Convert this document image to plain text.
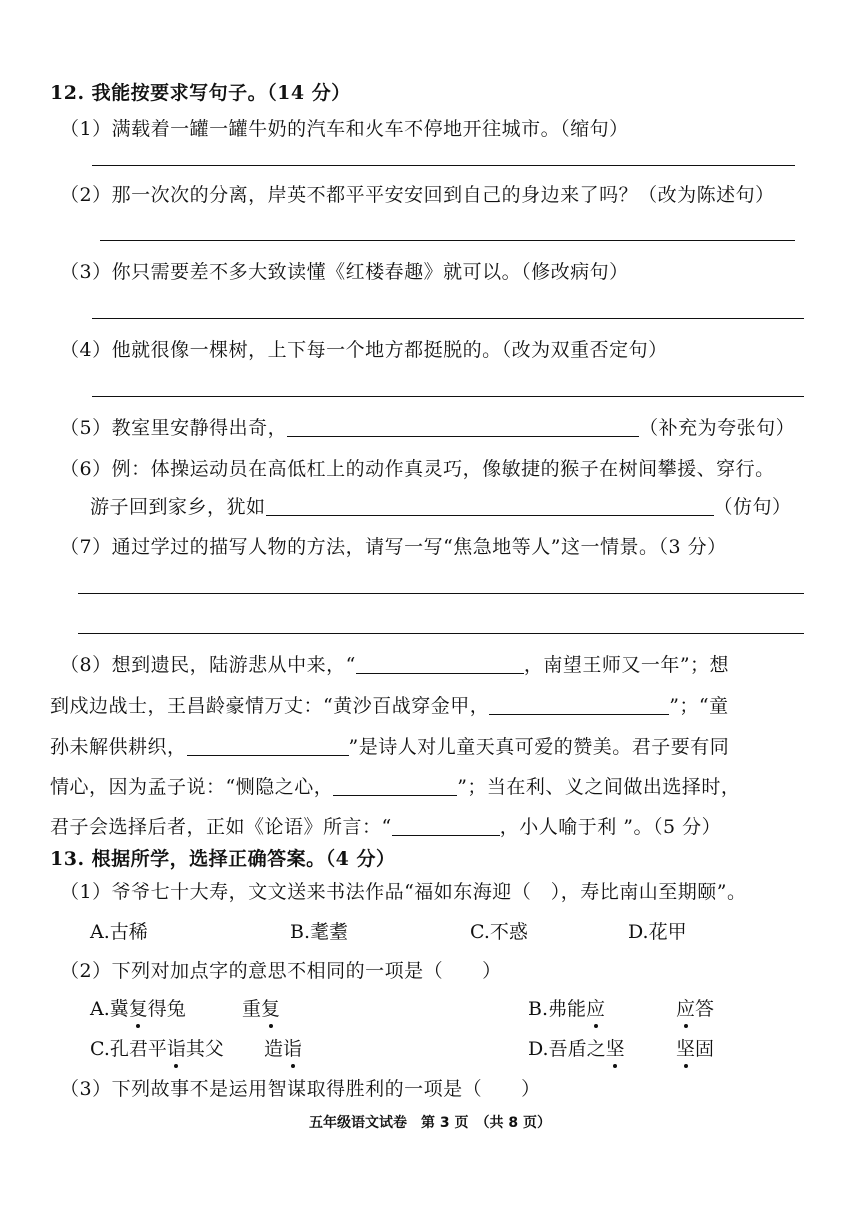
12. 我能按要求写句子。（14 分）
（1）满载着一罐一罐牛奶的汽车和火车不停地开往城市。（缩句）
（2）那一次次的分离，岸英不都平平安安回到自己的身边来了吗？（改为陈述句）
（3）你只需要差不多大致读懂《红楼春趣》就可以。（修改病句）
（4）他就很像一棵树，上下每一个地方都挺脱的。（改为双重否定句）
（5）教室里安静得出奇，	（补充为夸张句）
（6）例：体操运动员在高低杠上的动作真灵巧，像敏捷的猴子在树间攀援、穿行。
游子回到家乡，犹如	（仿句）
（7）通过学过的描写人物的方法，请写一写“焦急地等人”这一情景。（3 分）
（8）想到遗民，陆游悲从中来，“	，南望王师又一年”；想
到戍边战士，王昌龄豪情万丈：“黄沙百战穿金甲，	”；“童
孙未解供耕织，	”是诗人对儿童天真可爱的赞美。君子要有同
情心，因为孟子说：“恻隐之心，	”；当在利、义之间做出选择时，
君子会选择后者，正如《论语》所言：“	，小人喻于利 ”。（5 分）
13. 根据所学，选择正确答案。（4 分）
（1）爷爷七十大寿，文文送来书法作品“福如东海迎（　），寿比南山至期颐”。
A.古稀	B.耄耋	C.不惑	D.花甲
（2）下列对加点字的意思不相同的一项是（　　）
A.冀复得兔	重复	B.弗能应	应答
C.孔君平诣其父 造诣	D.吾盾之坚	坚固
（3）下列故事不是运用智谋取得胜利的一项是（　　）
五年级语文试卷　第 3 页　（共 8 页）
